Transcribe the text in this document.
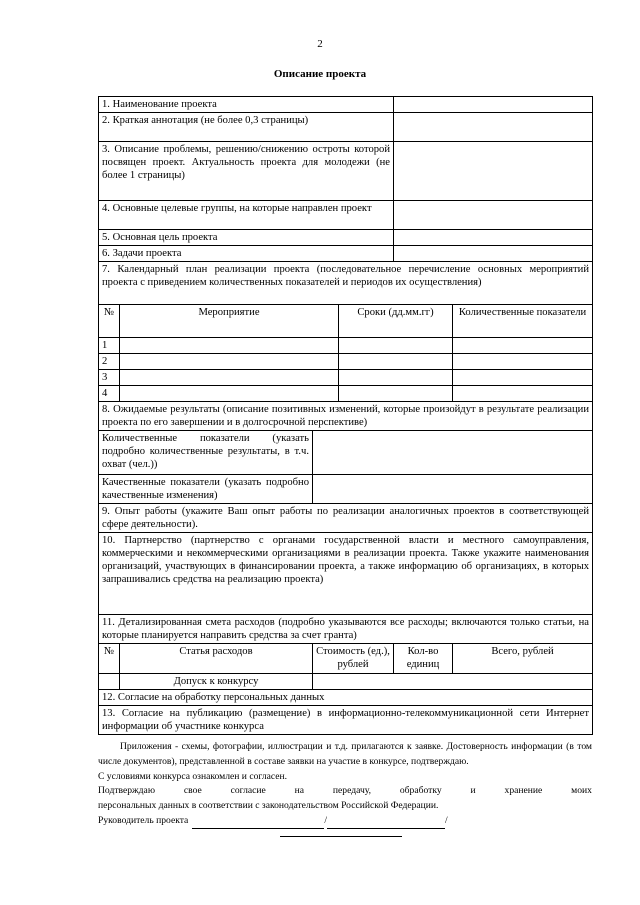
2
Описание проекта
1. Наименование проекта					
2. Краткая аннотация (не более 0,3 страницы)					
3. Описание проблемы, решению/снижению остроты которой посвящен проект. Актуальность проекта для молодежи (не более 1 страницы)					
4. Основные целевые группы, на которые направлен проект					
5. Основная цель проекта					
6. Задачи проекта					
7. Календарный план реализации проекта (последовательное перечисление основных мероприятий проекта с приведением количественных показателей и периодов их осуществления)					
№	Мероприятие		Сроки (дд.мм.гг)		Количественные показатели
1					
2					
3					
4					
8. Ожидаемые результаты (описание позитивных изменений, которые произойдут в результате реализации проекта по его завершении и в долгосрочной перспективе)					
Количественные показатели (указать подробно количественные результаты, в т.ч. охват (чел.))					
Качественные показатели (указать подробно качественные изменения)					
9. Опыт работы (укажите Ваш опыт работы по реализации аналогичных проектов в соответствующей сфере деятельности).					
10. Партнерство (партнерство с органами государственной власти и местного самоуправления, коммерческими и некоммерческими организациями в реализации проекта. Также укажите наименования организаций, участвующих в финансировании проекта, а также информацию об организациях, в которых запрашивались средства на реализацию проекта)					
11. Детализированная смета расходов (подробно указываются все расходы; включаются только статьи, на которые планируется направить средства за счет гранта)					
№	Статья расходов	Стоимость (ед.), рублей		Кол-во единиц	Всего, рублей
	Допуск к конкурсу				
12. Согласие на обработку персональных данных					
13. Согласие на публикацию (размещение) в информационно-телекоммуникационной сети Интернет информации об участнике конкурса					

Приложения - схемы, фотографии, иллюстрации и т.д. прилагаются к заявке. Достоверность информации (в том числе документов), представленной в составе заявки на участие в конкурсе, подтверждаю.

С условиями конкурса ознакомлен и согласен.

Подтверждаю	свое	согласие	на	передачу,	обработку	и	хранение	моих

персональных данных в соответствии с законодательством Российской Федерации.

Руководитель проекта	/	/
